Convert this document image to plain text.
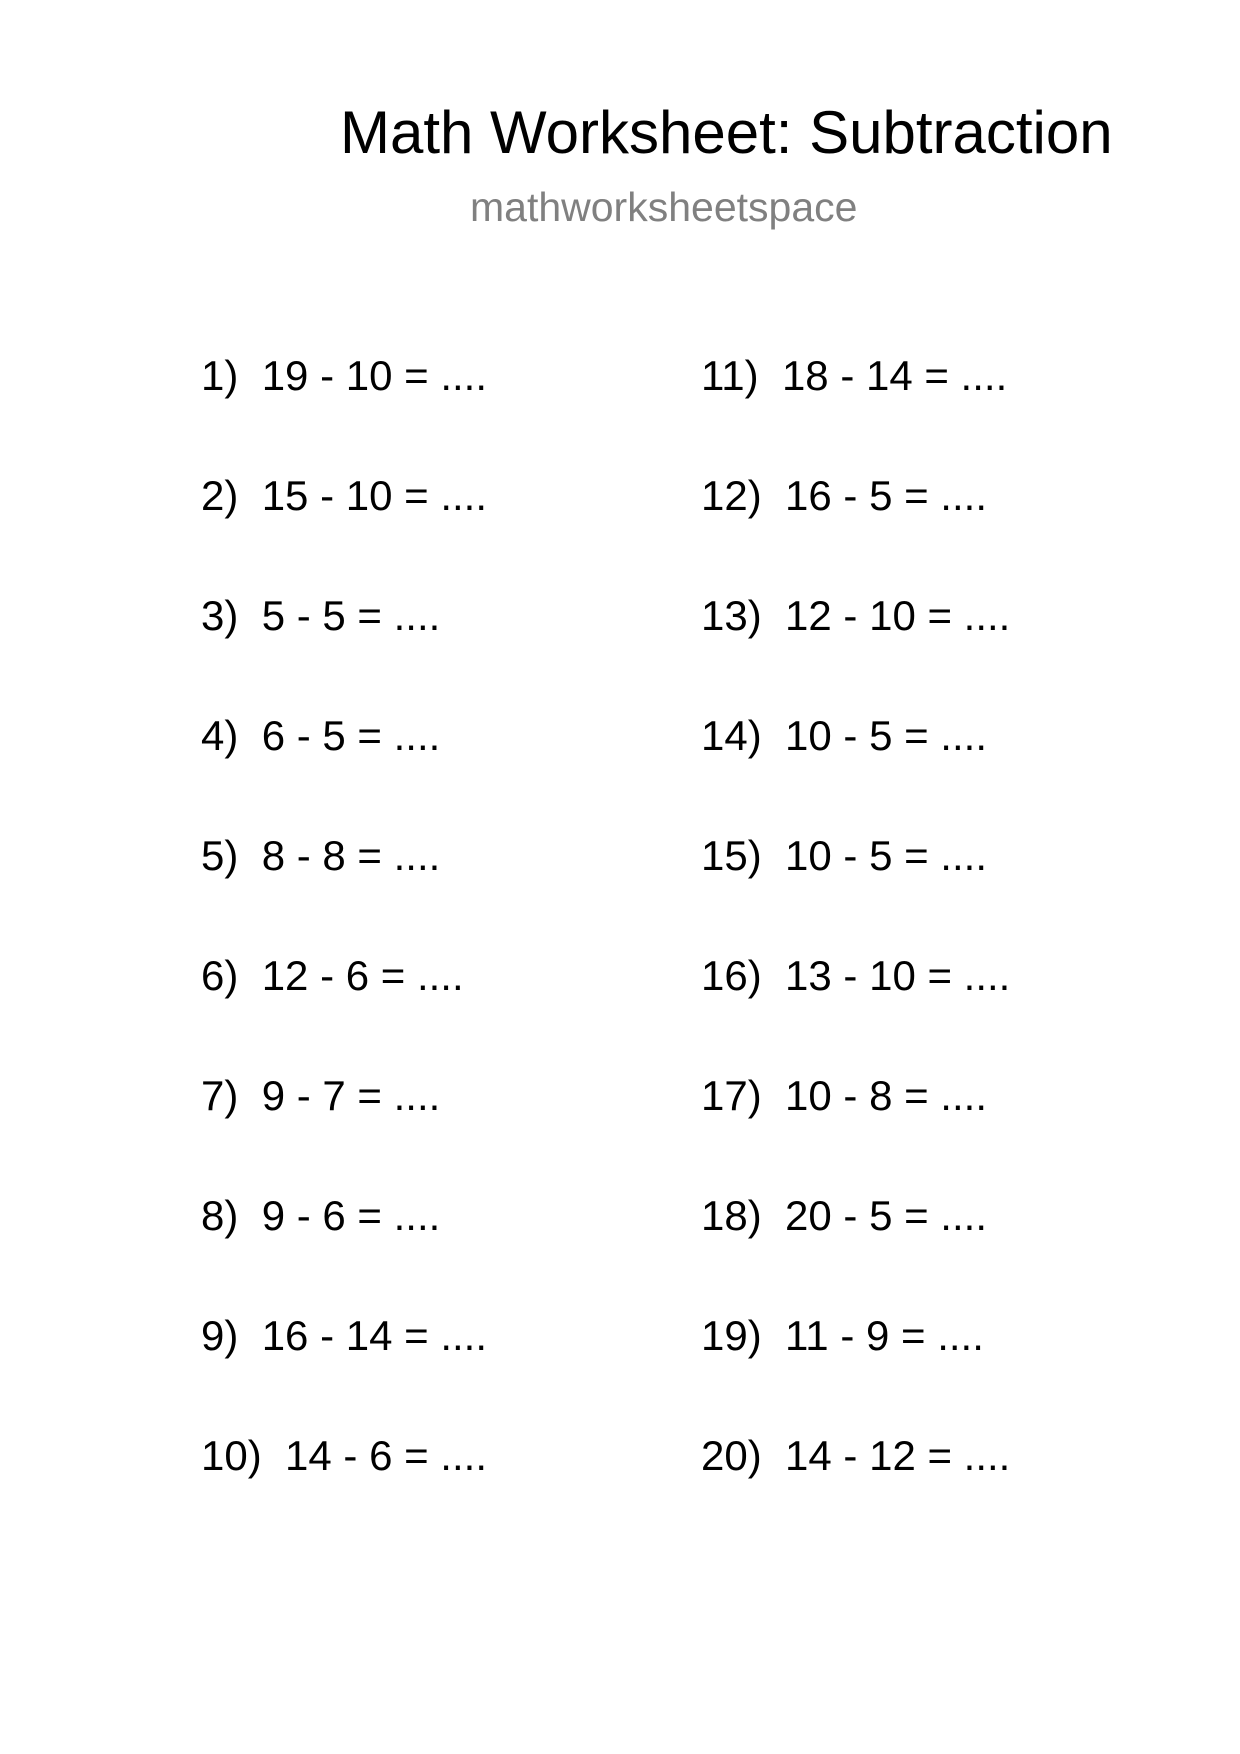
Math Worksheet: Subtraction
mathworksheetspace
1) 19 - 10 = ....
2) 15 - 10 = ....
3) 5 - 5 = ....
4) 6 - 5 = ....
5) 8 - 8 = ....
6) 12 - 6 = ....
7) 9 - 7 = ....
8) 9 - 6 = ....
9) 16 - 14 = ....
10) 14 - 6 = ....
11) 18 - 14 = ....
12) 16 - 5 = ....
13) 12 - 10 = ....
14) 10 - 5 = ....
15) 10 - 5 = ....
16) 13 - 10 = ....
17) 10 - 8 = ....
18) 20 - 5 = ....
19) 11 - 9 = ....
20) 14 - 12 = ....
